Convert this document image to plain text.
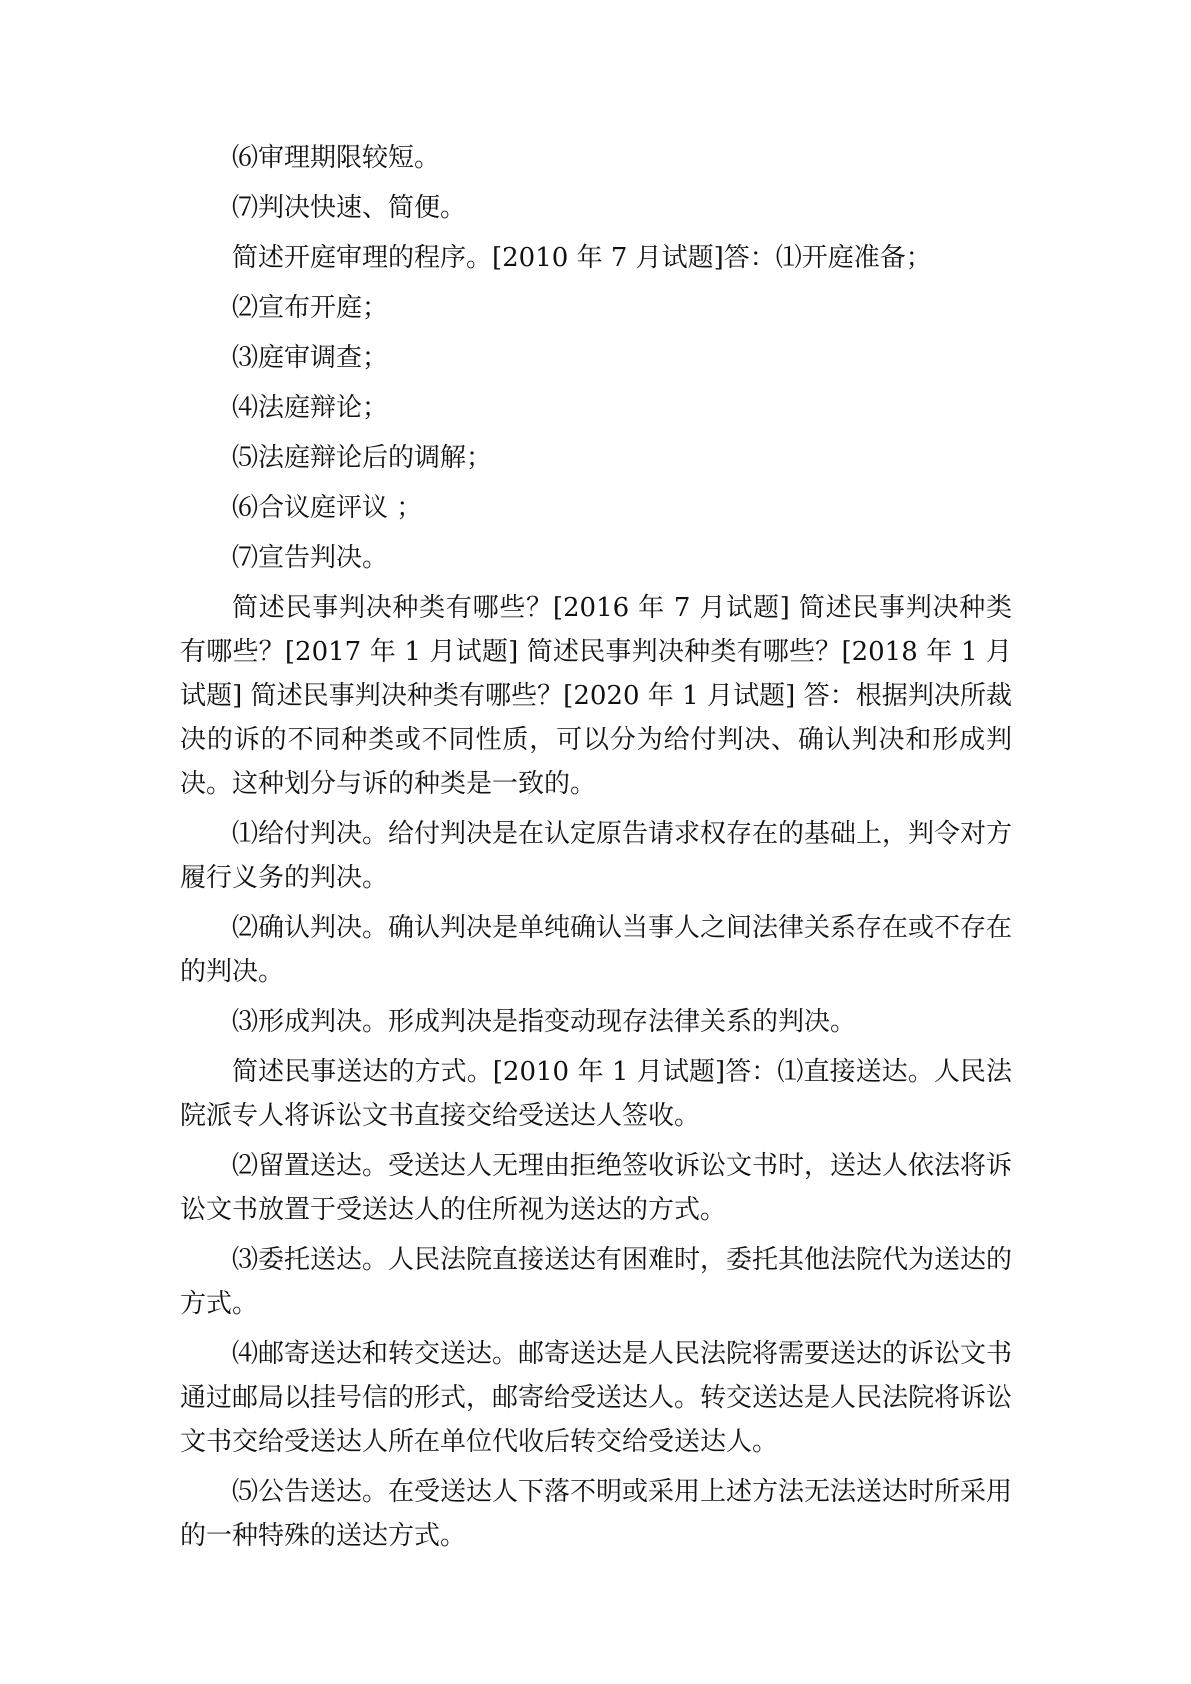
⑹审理期限较短。

⑺判决快速、简便。

简述开庭审理的程序。[2010 年 7 月试题]答：⑴开庭准备；

⑵宣布开庭；

⑶庭审调查；

⑷法庭辩论；

⑸法庭辩论后的调解；

⑹合议庭评议 ；

⑺宣告判决。

简述民事判决种类有哪些？[2016 年 7 月试题] 简述民事判决种类有哪些？[2017 年 1 月试题] 简述民事判决种类有哪些？[2018 年 1 月试题] 简述民事判决种类有哪些？[2020 年 1 月试题] 答：根据判决所裁决的诉的不同种类或不同性质，可以分为给付判决、确认判决和形成判决。这种划分与诉的种类是一致的。

⑴给付判决。给付判决是在认定原告请求权存在的基础上，判令对方履行义务的判决。

⑵确认判决。确认判决是单纯确认当事人之间法律关系存在或不存在的判决。

⑶形成判决。形成判决是指变动现存法律关系的判决。

简述民事送达的方式。[2010 年 1 月试题]答：⑴直接送达。人民法院派专人将诉讼文书直接交给受送达人签收。

⑵留置送达。受送达人无理由拒绝签收诉讼文书时，送达人依法将诉讼文书放置于受送达人的住所视为送达的方式。

⑶委托送达。人民法院直接送达有困难时，委托其他法院代为送达的方式。

⑷邮寄送达和转交送达。邮寄送达是人民法院将需要送达的诉讼文书通过邮局以挂号信的形式，邮寄给受送达人。转交送达是人民法院将诉讼文书交给受送达人所在单位代收后转交给受送达人。

⑸公告送达。在受送达人下落不明或采用上述方法无法送达时所采用的一种特殊的送达方式。
